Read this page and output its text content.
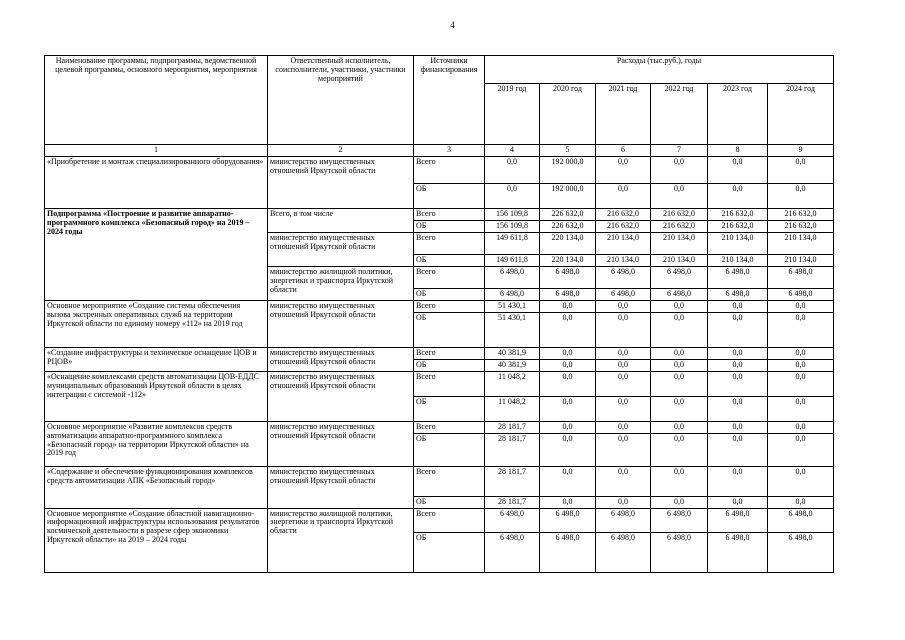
4
Наименование программы, подпрограммы, ведомственной целевой программы, основного мероприятия, мероприятия	Ответственный исполнитель, соисполнители, участники, участники мероприятий	Источники финансирования	Расходы (тыс.руб.), годы					
			2019 год	2020 год	2021 год	2022 год	2023 год	2024 год
1	2	3	4	5	6	7	8	9
«Приобретение и монтаж специализированного оборудования»	министерство имущественных отношений Иркутской области	Всего	0,0	192 000,0	0,0	0,0	0,0	0,0
		ОБ	0,0	192 000,0	0,0	0,0	0,0	0,0
Подпрограмма «Построение и развитие аппаратно-программного комплекса «Безопасный город» на 2019 – 2024 годы	Всего, в том числе	Всего	156 109,8	226 632,0	216 632,0	216 632,0	216 632,0	216 632,0
		ОБ	156 109,8	226 632,0	216 632,0	216 632,0	216 632,0	216 632,0
	министерство имущественных отношений Иркутской области	Всего	149 611,8	220 134,0	210 134,0	210 134,0	210 134,0	210 134,0
		ОБ	149 611,8	220 134,0	210 134,0	210 134,0	210 134,0	210 134,0
	министерство жилищной политики, энергетики и транспорта Иркутской области	Всего	6 498,0	6 498,0	6 498,0	6 498,0	6 498,0	6 498,0
		ОБ	6 498,0	6 498,0	6 498,0	6 498,0	6 498,0	6 498,0
Основное мероприятие «Создание системы обеспечения вызова экстренных оперативных служб на территории Иркутской области по единому номеру «112» на 2019 год	министерство имущественных отношений Иркутской области	Всего	51 430,1	0,0	0,0	0,0	0,0	0,0
		ОБ	51 430,1	0,0	0,0	0,0	0,0	0,0
«Создание инфраструктуры и техническое оснащение ЦОВ и РЦОВ»	министерство имущественных отношений Иркутской области	Всего	40 381,9	0,0	0,0	0,0	0,0	0,0
		ОБ	40 381,9	0,0	0,0	0,0	0,0	0,0
«Оснащение комплексами средств автоматизации ЦОВ-ЕДДС муниципальных образований Иркутской области в целях интеграции с системой -112»	министерство имущественных отношений Иркутской области	Всего	11 048,2	0,0	0,0	0,0	0,0	0,0
		ОБ	11 048,2	0,0	0,0	0,0	0,0	0,0
Основное мероприятие «Развитие комплексов средств автоматизации аппаратно-программного комплекса «Безопасный город» на территории Иркутской области» на 2019 год	министерство имущественных отношений Иркутской области	Всего	28 181,7	0,0	0,0	0,0	0,0	0,0
		ОБ	28 181,7	0,0	0,0	0,0	0,0	0,0
«Содержание и обеспечение функционирования комплексов средств автоматизации АПК «Безопасный город»	министерство имущественных отношений Иркутской области	Всего	28 181,7	0,0	0,0	0,0	0,0	0,0
		ОБ	28 181,7	0,0	0,0	0,0	0,0	0,0
Основное мероприятие «Создание областной навигационно-информационной инфраструктуры использования результатов космической деятельности в разрезе сфер экономики Иркутской области» на 2019 – 2024 годы	министерство жилищной политики, энергетики и транспорта Иркутской области	Всего	6 498,0	6 498,0	6 498,0	6 498,0	6 498,0	6 498,0
		ОБ	6 498,0	6 498,0	6 498,0	6 498,0	6 498,0	6 498,0
